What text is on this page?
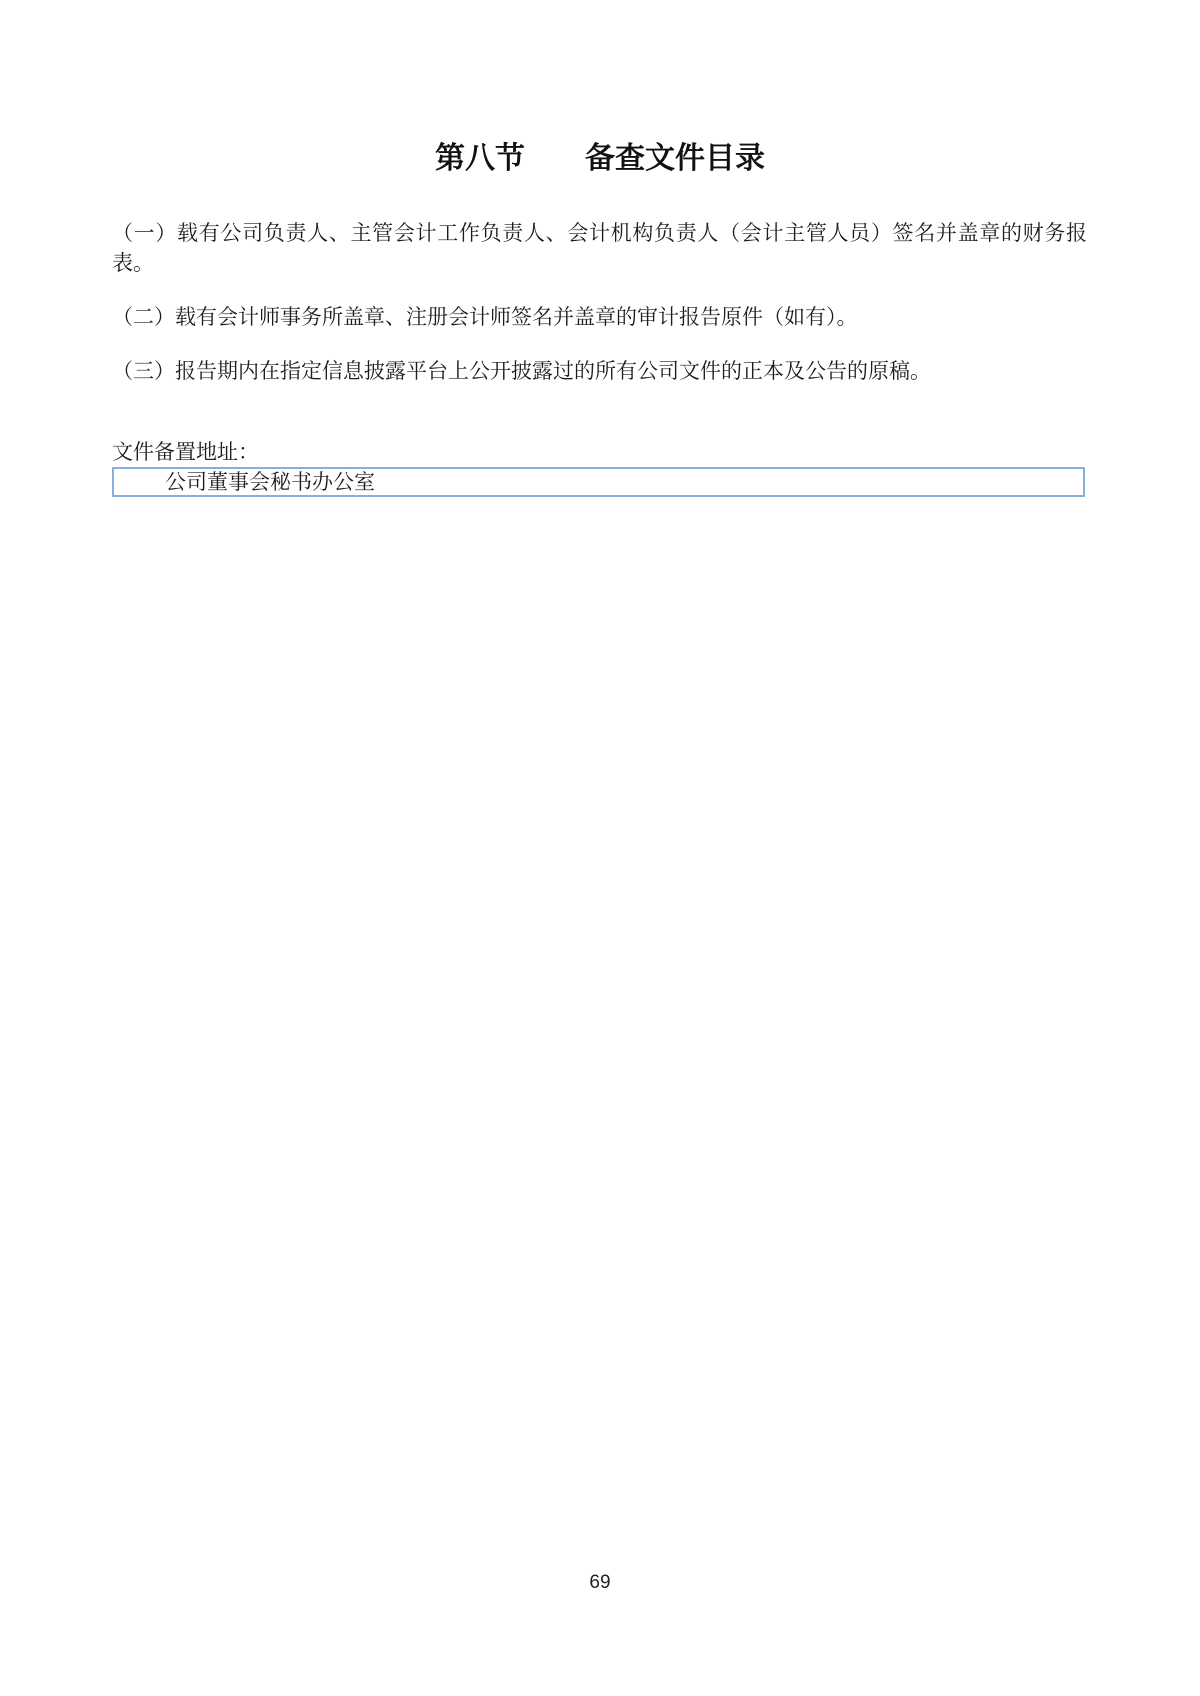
第八节　　备查文件目录

（一）载有公司负责人、主管会计工作负责人、会计机构负责人（会计主管人员）签名并盖章的财务报表。

（二）载有会计师事务所盖章、注册会计师签名并盖章的审计报告原件（如有）。

（三）报告期内在指定信息披露平台上公开披露过的所有公司文件的正本及公告的原稿。

文件备置地址：
公司董事会秘书办公室
69
